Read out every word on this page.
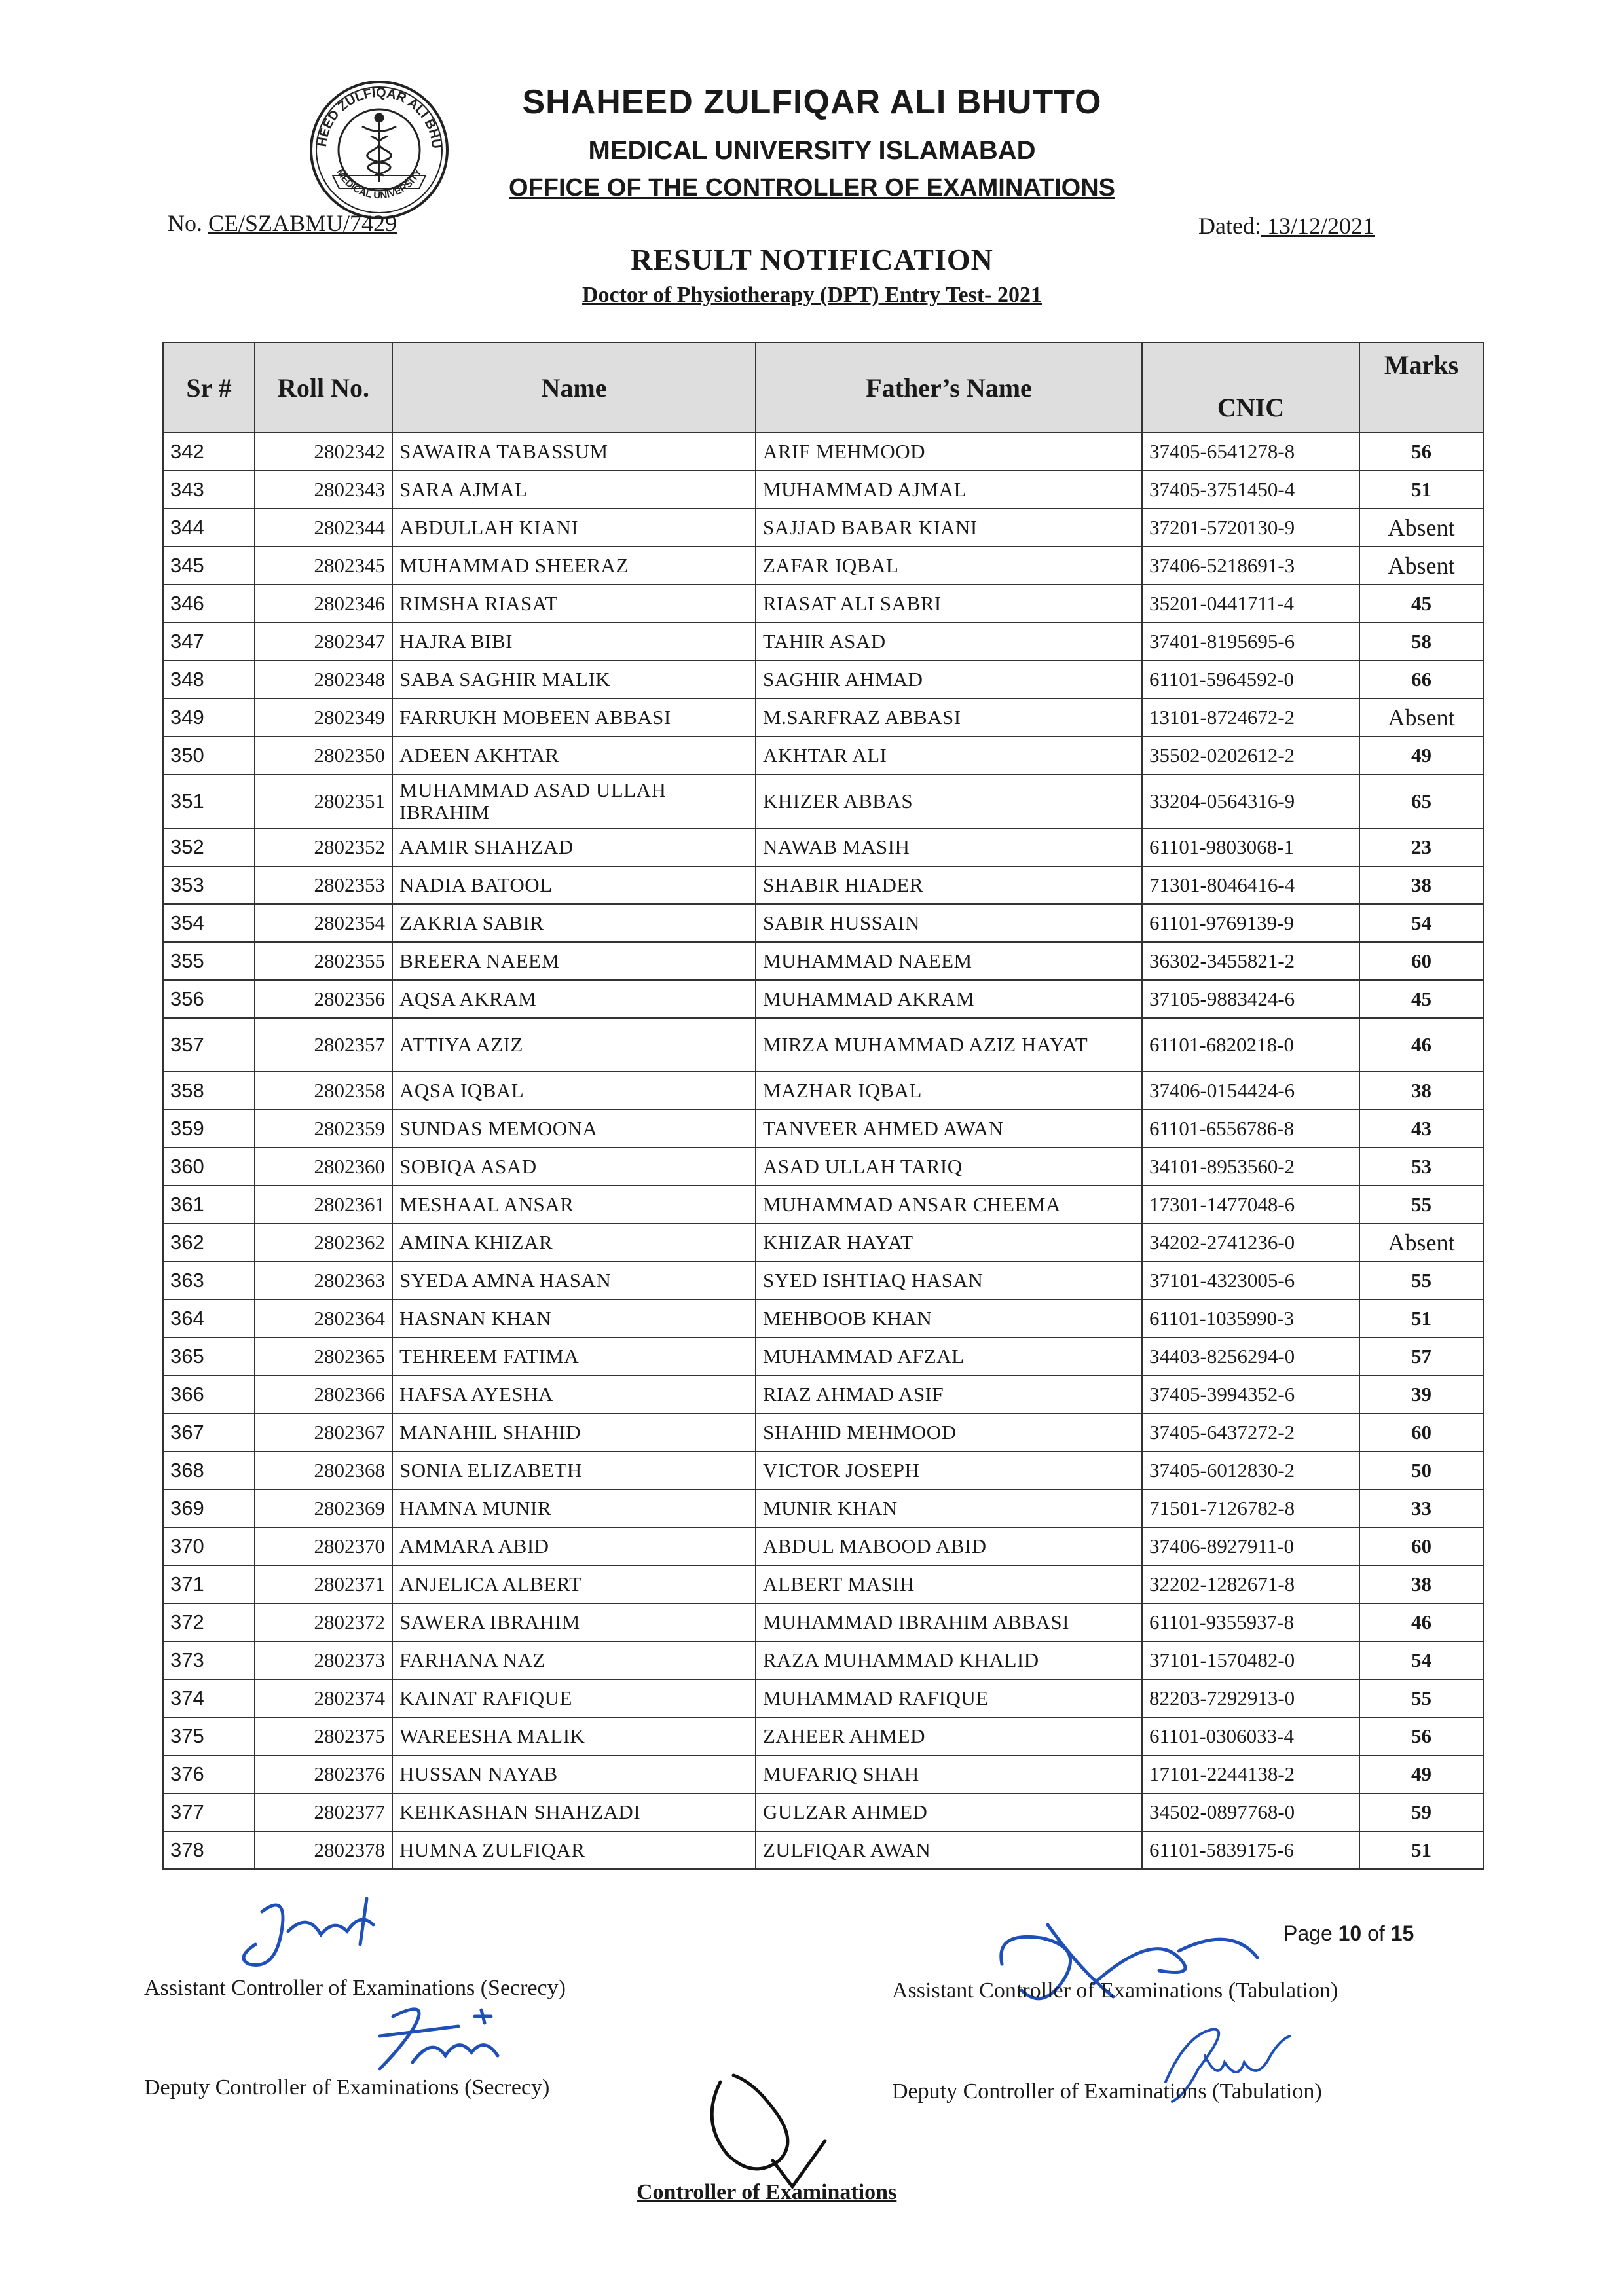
HEED ZULFIQAR ALI BHU
MEDICAL UNIVERSITY
SHAHEED ZULFIQAR ALI BHUTTO
MEDICAL UNIVERSITY ISLAMABAD
OFFICE OF THE CONTROLLER OF EXAMINATIONS
No. CE/SZABMU/7429	Dated: 13/12/2021
RESULT NOTIFICATION
Doctor of Physiotherapy (DPT) Entry Test- 2021
Sr #	Roll No.	Name	Father’s Name	CNIC	Marks
342	2802342	SAWAIRA TABASSUM	ARIF MEHMOOD	37405-6541278-8	56
343	2802343	SARA AJMAL	MUHAMMAD AJMAL	37405-3751450-4	51
344	2802344	ABDULLAH KIANI	SAJJAD BABAR KIANI	37201-5720130-9	Absent
345	2802345	MUHAMMAD SHEERAZ	ZAFAR IQBAL	37406-5218691-3	Absent
346	2802346	RIMSHA RIASAT	RIASAT ALI SABRI	35201-0441711-4	45
347	2802347	HAJRA BIBI	TAHIR ASAD	37401-8195695-6	58
348	2802348	SABA SAGHIR MALIK	SAGHIR AHMAD	61101-5964592-0	66
349	2802349	FARRUKH MOBEEN ABBASI	M.SARFRAZ ABBASI	13101-8724672-2	Absent
350	2802350	ADEEN AKHTAR	AKHTAR ALI	35502-0202612-2	49
351	2802351	MUHAMMAD ASAD ULLAH IBRAHIM	KHIZER ABBAS	33204-0564316-9	65
352	2802352	AAMIR SHAHZAD	NAWAB MASIH	61101-9803068-1	23
353	2802353	NADIA BATOOL	SHABIR HIADER	71301-8046416-4	38
354	2802354	ZAKRIA SABIR	SABIR HUSSAIN	61101-9769139-9	54
355	2802355	BREERA NAEEM	MUHAMMAD NAEEM	36302-3455821-2	60
356	2802356	AQSA AKRAM	MUHAMMAD AKRAM	37105-9883424-6	45
357	2802357	ATTIYA AZIZ	MIRZA MUHAMMAD AZIZ HAYAT	61101-6820218-0	46
358	2802358	AQSA IQBAL	MAZHAR IQBAL	37406-0154424-6	38
359	2802359	SUNDAS MEMOONA	TANVEER AHMED AWAN	61101-6556786-8	43
360	2802360	SOBIQA ASAD	ASAD ULLAH TARIQ	34101-8953560-2	53
361	2802361	MESHAAL ANSAR	MUHAMMAD ANSAR CHEEMA	17301-1477048-6	55
362	2802362	AMINA KHIZAR	KHIZAR HAYAT	34202-2741236-0	Absent
363	2802363	SYEDA AMNA HASAN	SYED ISHTIAQ HASAN	37101-4323005-6	55
364	2802364	HASNAN KHAN	MEHBOOB KHAN	61101-1035990-3	51
365	2802365	TEHREEM FATIMA	MUHAMMAD AFZAL	34403-8256294-0	57
366	2802366	HAFSA AYESHA	RIAZ AHMAD ASIF	37405-3994352-6	39
367	2802367	MANAHIL SHAHID	SHAHID MEHMOOD	37405-6437272-2	60
368	2802368	SONIA ELIZABETH	VICTOR JOSEPH	37405-6012830-2	50
369	2802369	HAMNA MUNIR	MUNIR KHAN	71501-7126782-8	33
370	2802370	AMMARA ABID	ABDUL MABOOD ABID	37406-8927911-0	60
371	2802371	ANJELICA ALBERT	ALBERT MASIH	32202-1282671-8	38
372	2802372	SAWERA IBRAHIM	MUHAMMAD IBRAHIM ABBASI	61101-9355937-8	46
373	2802373	FARHANA NAZ	RAZA MUHAMMAD KHALID	37101-1570482-0	54
374	2802374	KAINAT RAFIQUE	MUHAMMAD RAFIQUE	82203-7292913-0	55
375	2802375	WAREESHA MALIK	ZAHEER AHMED	61101-0306033-4	56
376	2802376	HUSSAN NAYAB	MUFARIQ SHAH	17101-2244138-2	49
377	2802377	KEHKASHAN SHAHZADI	GULZAR AHMED	34502-0897768-0	59
378	2802378	HUMNA ZULFIQAR	ZULFIQAR AWAN	61101-5839175-6	51
Page 10 of 15
Assistant Controller of Examinations (Secrecy)
Deputy Controller of Examinations (Secrecy)
Assistant Controller of Examinations (Tabulation)
Deputy Controller of Examinations (Tabulation)
Controller of Examinations
